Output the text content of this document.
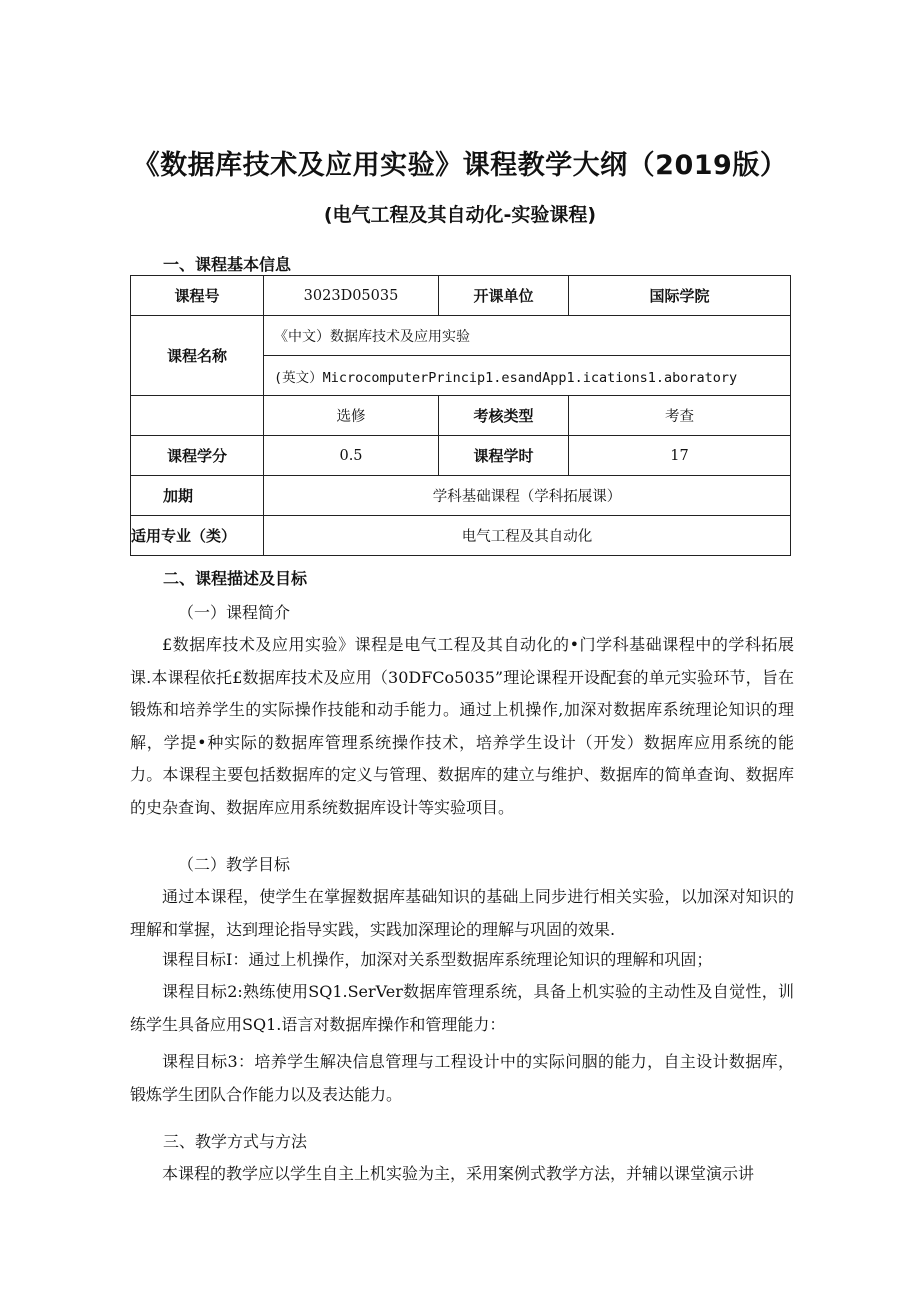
《数据库技术及应用实验》课程教学大纲（2019版）
(电气工程及其自动化-实验课程)
一、课程基本信息
课程号	3023D05035	开课单位	国际学院
课程名称	《中文）数据库技术及应用实验		
	(英文）MicrocomputerPrincip1.esandApp1.ications1.aboratory		
	选修	考核类型	考查
课程学分	0.5	课程学时	17
加期	学科基础课程（学科拓展课）		
适用专业（类）	电气工程及其自动化		
二、课程描述及目标
（一）课程简介
£数据库技术及应用实验》课程是电气工程及其自动化的•门学科基础课程中的学科拓展课.本课程依托£数据库技术及应用（30DFCo5035”理论课程开设配套的单元实验环节，旨在锻炼和培养学生的实际操作技能和动手能力。通过上机操作,加深对数据库系统理论知识的理解，学提•种实际的数据库管理系统操作技术，培养学生设计（开发）数据库应用系统的能力。本课程主要包括数据库的定义与管理、数据库的建立与维护、数据库的简单查询、数据库的史杂查询、数据库应用系统数据库设计等实验项目。
（二）教学目标
通过本课程，使学生在掌握数据库基础知识的基础上同步进行相关实验，以加深对知识的理解和掌握，达到理论指导实践，实践加深理论的理解与巩固的效果.
课程目标I：通过上机操作，加深对关系型数据库系统理论知识的理解和巩固；
课程目标2:熟练使用SQ1.SerVer数据库管理系统，具备上机实验的主动性及自觉性，训练学生具备应用SQ1.语言对数据库操作和管理能力：
课程目标3：培养学生解决信息管理与工程设计中的实际问胭的能力，自主设计数据库，锻炼学生团队合作能力以及表达能力。
三、教学方式与方法
本课程的教学应以学生自主上机实验为主，采用案例式教学方法，并辅以课堂演示讲
